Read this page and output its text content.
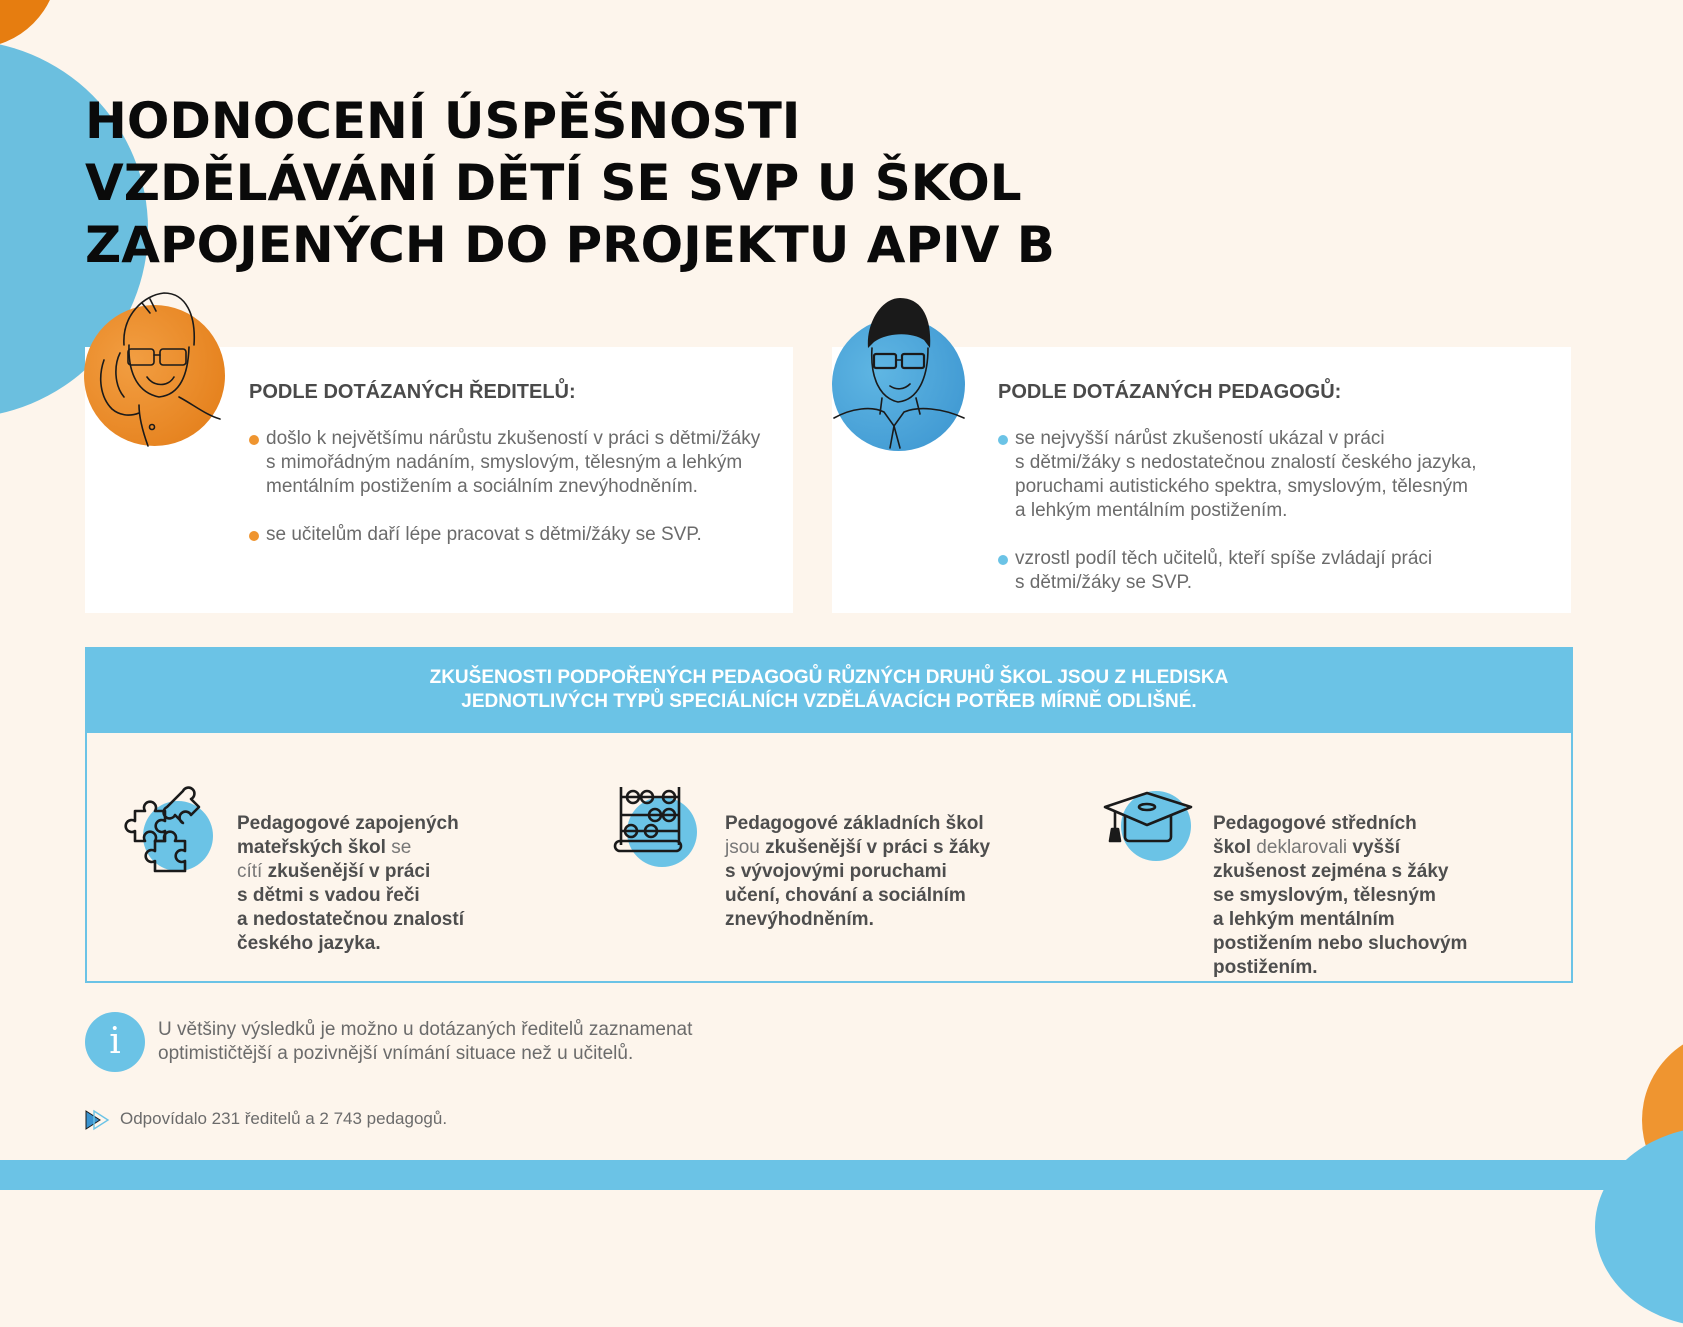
HODNOCENÍ ÚSPĚŠNOSTI
VZDĚLÁVÁNÍ DĚTÍ SE SVP U ŠKOL
ZAPOJENÝCH DO PROJEKTU APIV B
PODLE DOTÁZANÝCH ŘEDITELŮ:
došlo k největšímu nárůstu zkušeností v práci s dětmi/žáky
s mimořádným nadáním, smyslovým, tělesným a lehkým
mentálním postižením a sociálním znevýhodněním.
se učitelům daří lépe pracovat s dětmi/žáky se SVP.
PODLE DOTÁZANÝCH PEDAGOGŮ:
se nejvyšší nárůst zkušeností ukázal v práci
s dětmi/žáky s nedostatečnou znalostí českého jazyka,
poruchami autistického spektra, smyslovým, tělesným
a lehkým mentálním postižením.
vzrostl podíl těch učitelů, kteří spíše zvládají práci
s dětmi/žáky se SVP.
ZKUŠENOSTI PODPOŘENÝCH PEDAGOGŮ RŮZNÝCH DRUHŮ ŠKOL JSOU Z HLEDISKA
JEDNOTLIVÝCH TYPŮ SPECIÁLNÍCH VZDĚLÁVACÍCH POTŘEB MÍRNĚ ODLIŠNÉ.

Pedagogové zapojených
mateřských škol se
cítí zkušenější v práci
s dětmi s vadou řeči
a nedostatečnou znalostí
českého jazyka.

Pedagogové základních škol
jsou zkušenější v práci s žáky
s vývojovými poruchami
učení, chování a sociálním
znevýhodněním.

Pedagogové středních
škol deklarovali vyšší
zkušenost zejména s žáky
se smyslovým, tělesným
a lehkým mentálním
postižením nebo sluchovým
postižením.

i	U většiny výsledků je možno u dotázaných ředitelů zaznamenat
optimističtější a pozivnější vnímání situace než u učitelů.
Odpovídalo 231 ředitelů a 2 743 pedagogů.
